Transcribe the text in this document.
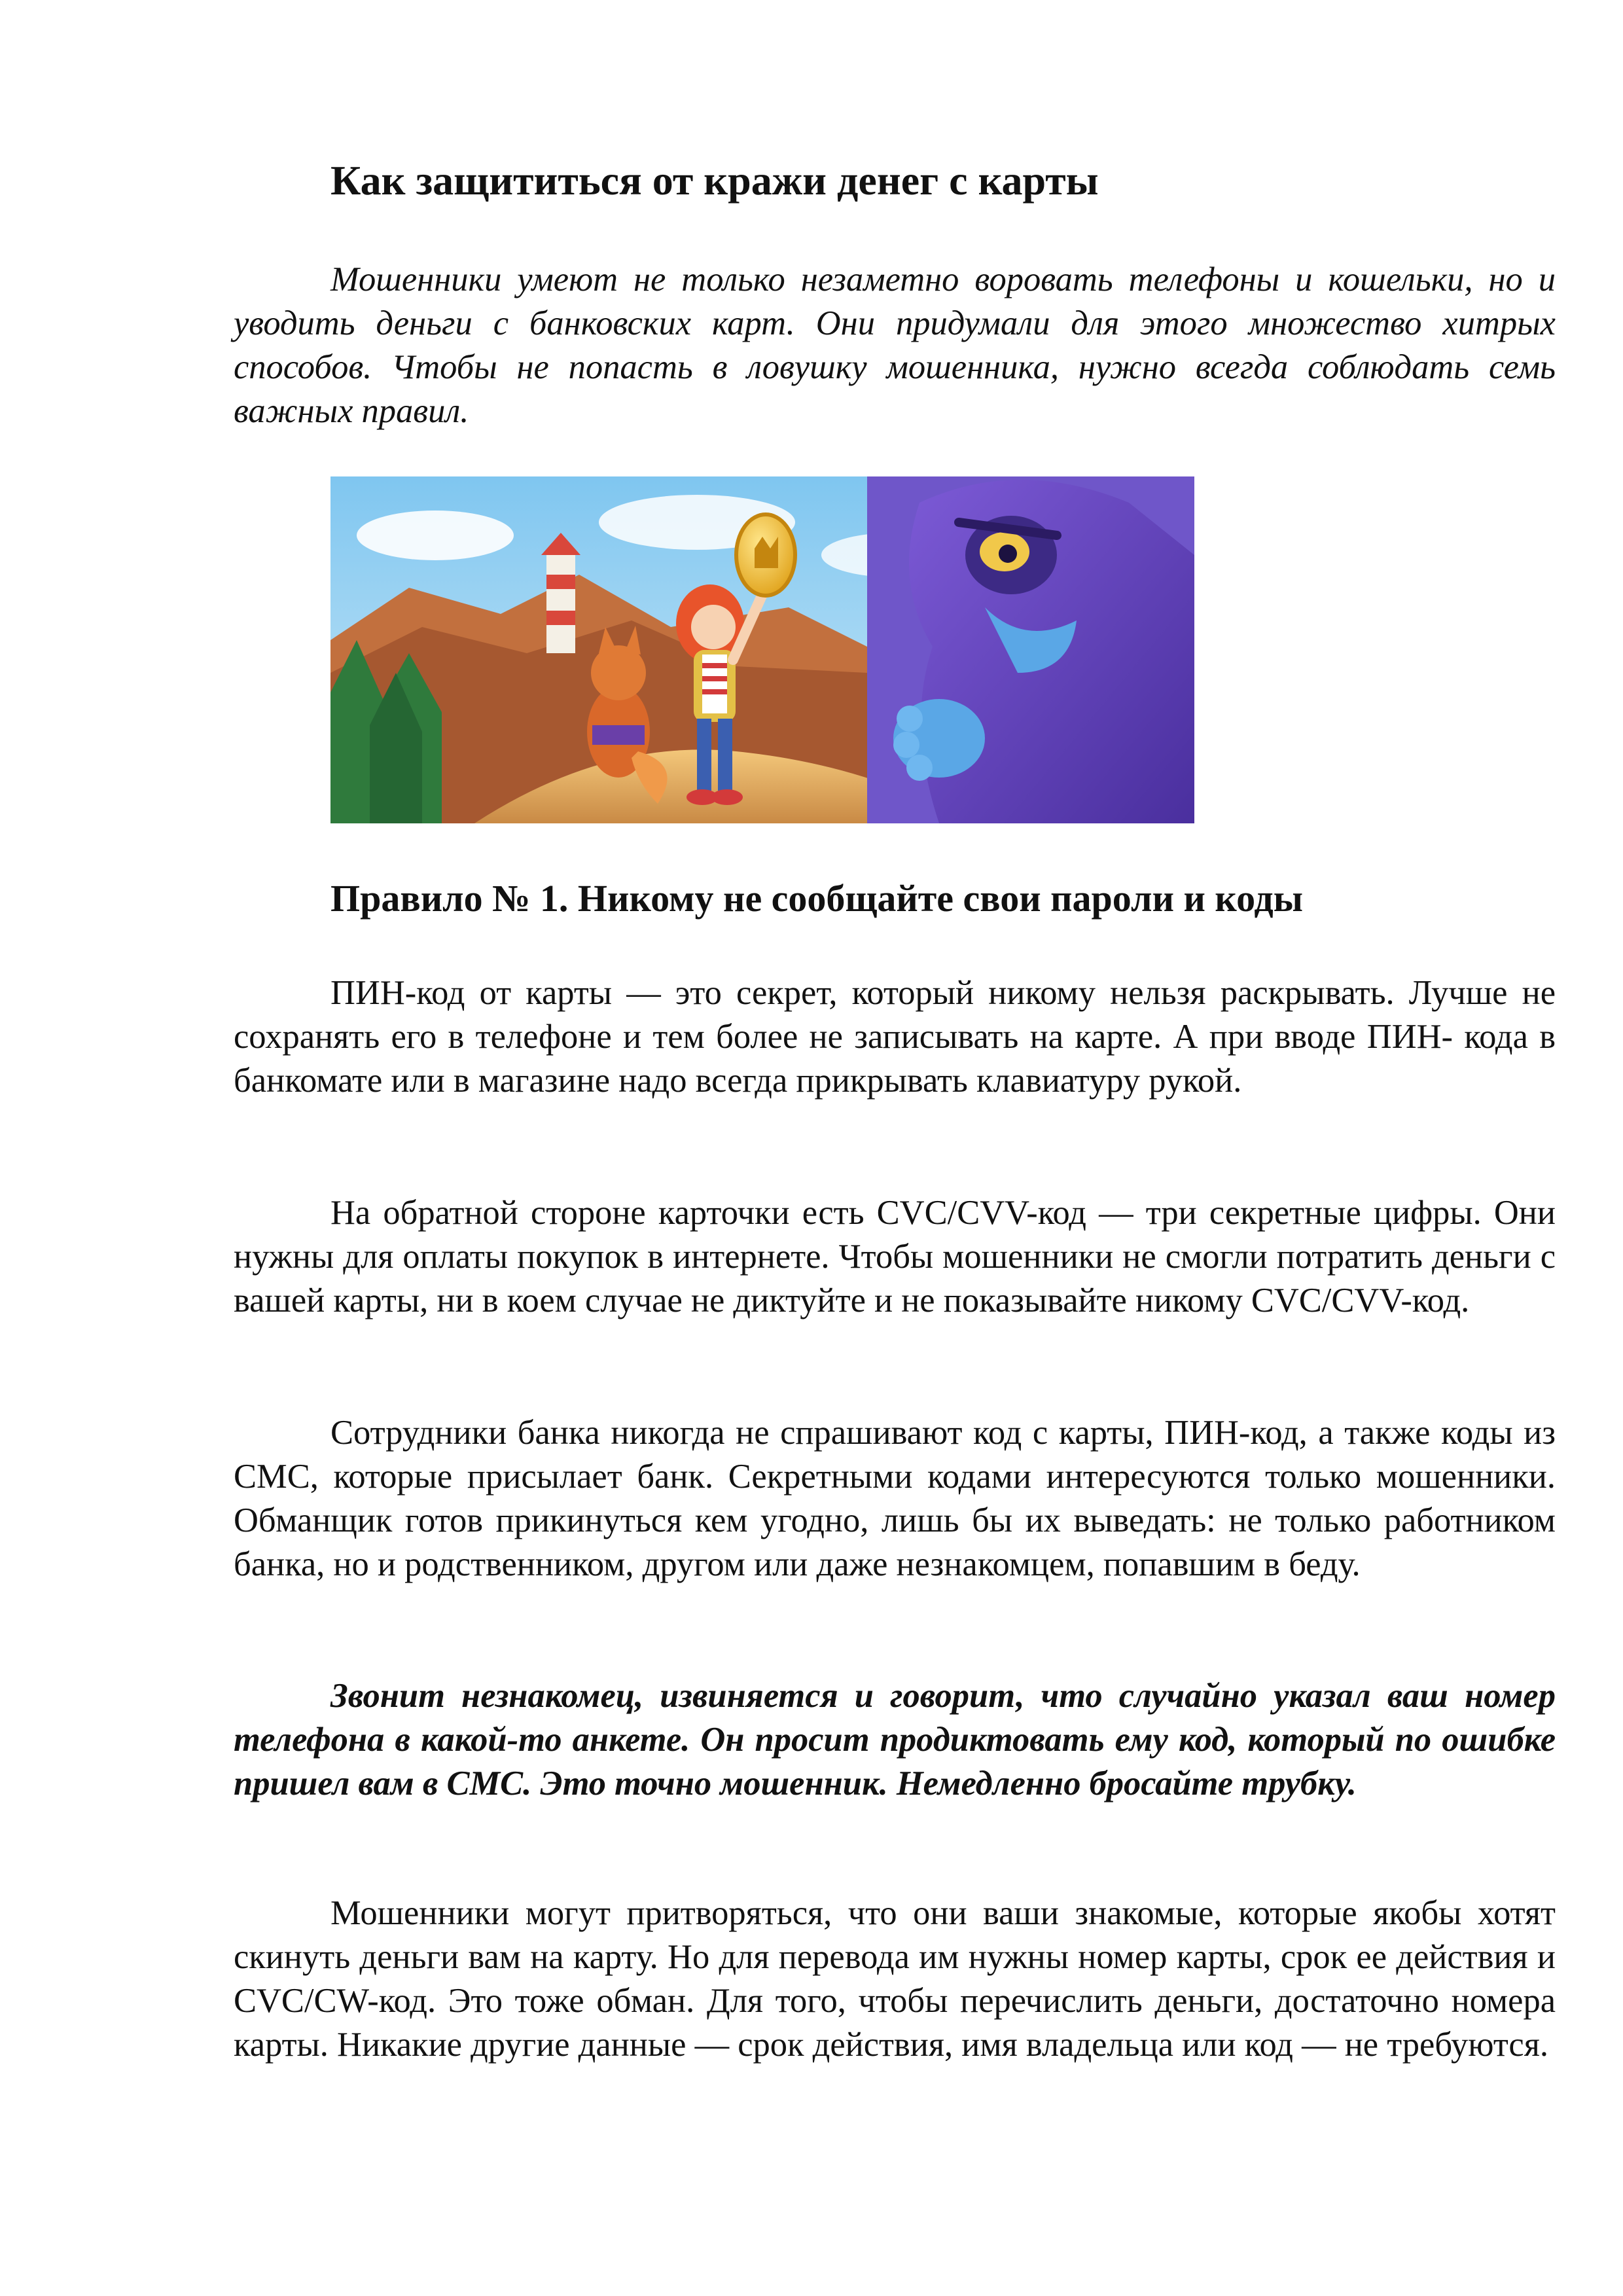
Как защититься от кражи денег с карты

Мошенники умеют не только незаметно воровать телефоны и кошельки, но и уводить деньги с банковских карт. Они придумали для этого множество хитрых способов. Чтобы не попасть в ловушку мошенника, нужно всегда соблюдать семь важных правил.

Правило № 1. Никому не сообщайте свои пароли и коды

ПИН-код от карты — это секрет, который никому нельзя раскрывать. Лучше не сохранять его в телефоне и тем более не записывать на карте. А при вводе ПИН- кода в банкомате или в магазине надо всегда прикрывать клавиатуру рукой.

На обратной стороне карточки есть CVC/CVV-код — три секретные цифры. Они нужны для оплаты покупок в интернете. Чтобы мошенники не смогли потратить деньги с вашей карты, ни в коем случае не диктуйте и не показывайте никому CVC/CVV-код.

Сотрудники банка никогда не спрашивают код с карты, ПИН-код, а также коды из СМС, которые присылает банк. Секретными кодами интересуются только мошенники. Обманщик готов прикинуться кем угодно, лишь бы их выведать: не только работником банка, но и родственником, другом или даже незнакомцем, попавшим в беду.

Звонит незнакомец, извиняется и говорит, что случайно указал ваш номер телефона в какой-то анкете. Он просит продиктовать ему код, который по ошибке пришел вам в СМС. Это точно мошенник. Немедленно бросайте трубку.

Мошенники могут притворяться, что они ваши знакомые, которые якобы хотят скинуть деньги вам на карту. Но для перевода им нужны номер карты, срок ее действия и CVC/CW-код. Это тоже обман. Для того, чтобы перечислить деньги, достаточно номера карты. Никакие другие данные — срок действия, имя владельца или код — не требуются.
